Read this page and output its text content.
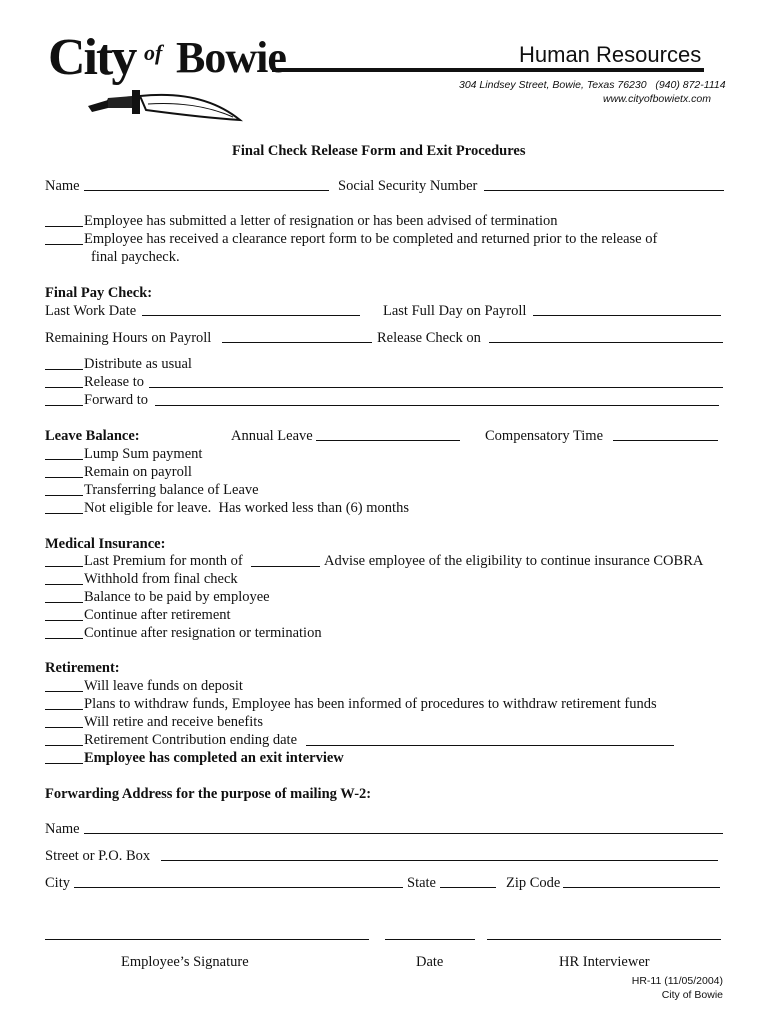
City of Bowie	Human Resources
304 Lindsey Street, Bowie, Texas 76230   (940) 872-1114
www.cityofbowietx.com
Final Check Release Form and Exit Procedures
Name	Social Security Number
Employee has submitted a letter of resignation or has been advised of termination
Employee has received a clearance report form to be completed and returned prior to the release of
final paycheck.
Final Pay Check:
Last Work Date	Last Full Day on Payroll
Remaining Hours on Payroll	Release Check on
Distribute as usual
Release to
Forward to
Leave Balance:	Annual Leave	Compensatory Time
Lump Sum payment
Remain on payroll
Transferring balance of Leave
Not eligible for leave.  Has worked less than (6) months
Medical Insurance:
Last Premium for month of	Advise employee of the eligibility to continue insurance COBRA
Withhold from final check
Balance to be paid by employee
Continue after retirement
Continue after resignation or termination
Retirement:
Will leave funds on deposit
Plans to withdraw funds, Employee has been informed of procedures to withdraw retirement funds
Will retire and receive benefits
Retirement Contribution ending date
Employee has completed an exit interview
Forwarding Address for the purpose of mailing W-2:
Name
Street or P.O. Box
City	State	Zip Code
Employee’s Signature	Date	HR Interviewer
HR-11 (11/05/2004)
City of Bowie
